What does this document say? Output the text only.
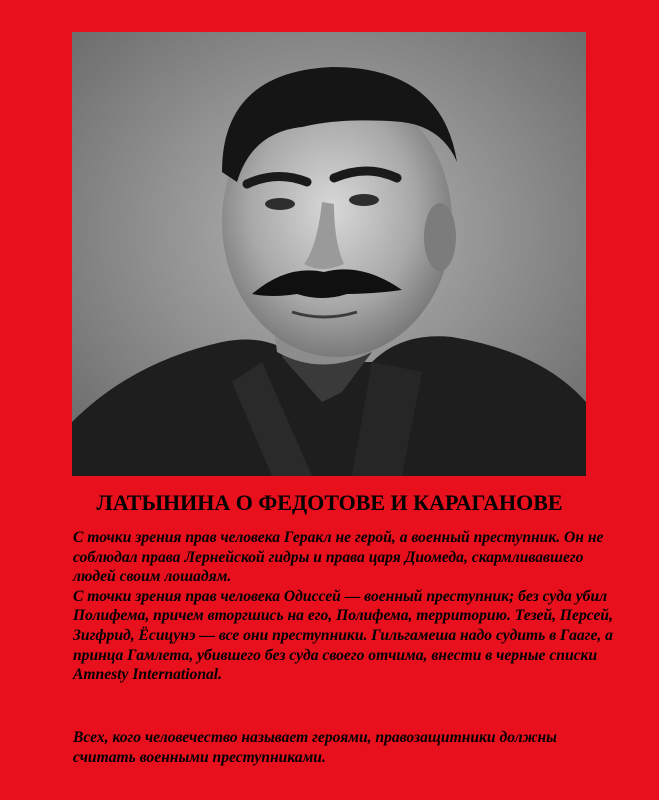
ЛАТЫНИНА О ФЕДОТОВЕ И КАРАГАНОВЕ

С точки зрения прав человека Геракл не герой, а военный преступник. Он не соблюдал права Лернейской гидры и права царя Диомеда, скармливавшего людей своим лошадям.

С точки зрения прав человека Одиссей — военный преступник; без суда убил Полифема, причем вторгшись на его, Полифема, территорию. Тезей, Персей, Зигфрид, Ёсицунэ — все они преступники. Гильгамеша надо судить в Гааге, а принца Гамлета, убившего без суда своего отчима, внести в черные списки Amnesty International.

Всех, кого человечество называет героями, правозащитники должны считать военными преступниками.
